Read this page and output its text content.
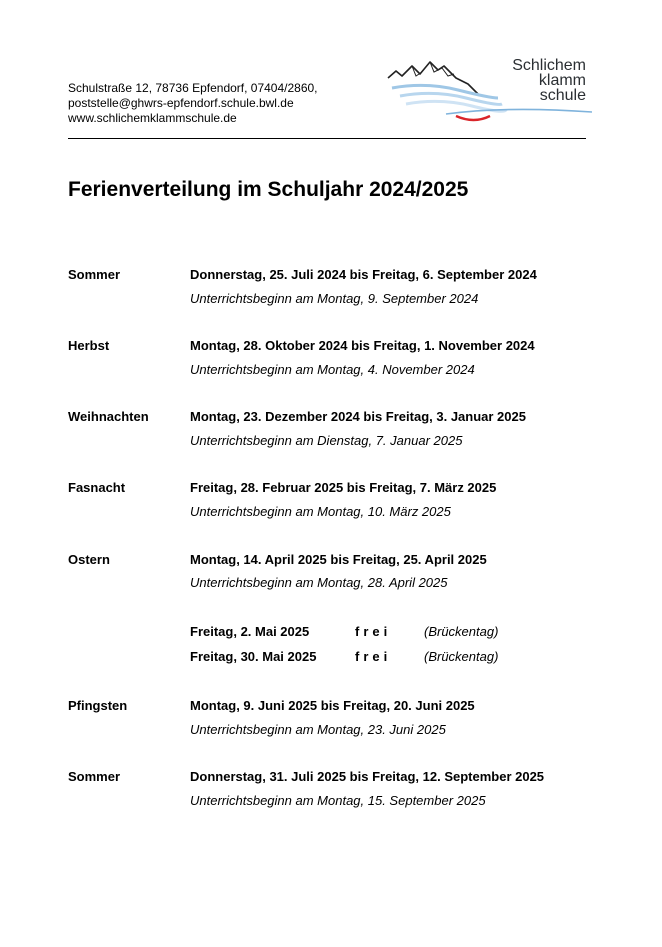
Schulstraße 12, 78736 Epfendorf, 07404/2860,
poststelle@ghwrs-epfendorf.schule.bwl.de
www.schlichemklammschule.de
Schlichem
klamm
schule
Ferienverteilung im Schuljahr 2024/2025
Sommer	Donnerstag, 25. Juli 2024 bis Freitag, 6. September 2024
Unterrichtsbeginn am Montag, 9. September 2024
Herbst	Montag, 28. Oktober 2024 bis Freitag, 1. November 2024
Unterrichtsbeginn am Montag, 4. November 2024
Weihnachten	Montag, 23. Dezember 2024 bis Freitag, 3. Januar 2025
Unterrichtsbeginn am Dienstag, 7. Januar 2025
Fasnacht	Freitag, 28. Februar 2025 bis Freitag, 7. März 2025
Unterrichtsbeginn am Montag, 10. März 2025
Ostern	Montag, 14. April 2025 bis Freitag, 25. April 2025
Unterrichtsbeginn am Montag, 28. April 2025
Freitag, 2. Mai 2025	frei	(Brückentag)
Freitag, 30. Mai 2025	frei	(Brückentag)
Pfingsten	Montag, 9. Juni 2025 bis Freitag, 20. Juni 2025
Unterrichtsbeginn am Montag, 23. Juni 2025
Sommer	Donnerstag, 31. Juli 2025 bis Freitag, 12. September 2025
Unterrichtsbeginn am Montag, 15. September 2025
